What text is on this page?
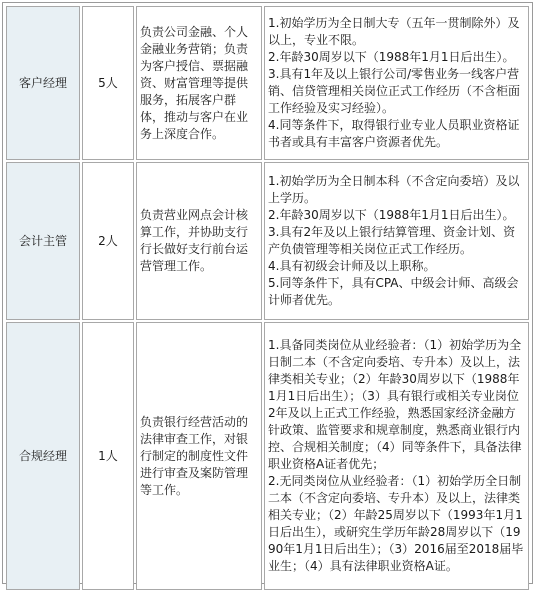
客户经理	5人	负责公司金融、个人金融业务营销；负责为客户授信、票据融资、财富管理等提供服务，拓展客户群体，推动与客户在业务上深度合作。	1.初始学历为全日制大专（五年一贯制除外）及以上，专业不限。
2.年龄30周岁以下（1988年1月1日后出生）。
3.具有1年及以上银行公司/零售业务一线客户营销、信贷管理相关岗位正式工作经历（不含柜面工作经验及实习经验）。
4.同等条件下，取得银行业专业人员职业资格证书者或具有丰富客户资源者优先。

会计主管	2人	负责营业网点会计核算工作，并协助支行行长做好支行前台运营管理工作。	1.初始学历为全日制本科（不含定向委培）及以上学历。
2.年龄30周岁以下（1988年1月1日后出生）。
3.具有2年及以上银行结算管理、资金计划、资产负债管理等相关岗位正式工作经历。
4.具有初级会计师及以上职称。
5.同等条件下，具有CPA、中级会计师、高级会计师者优先。

合规经理	1人	负责银行经营活动的法律审查工作，对银行制定的制度性文件进行审查及案防管理等工作。	1.具备同类岗位从业经验者：（1）初始学历为全日制二本（不含定向委培、专升本）及以上，法律类相关专业；（2）年龄30周岁以下（1988年1月1日后出生）；（3）具有银行或相关专业岗位2年及以上正式工作经验，熟悉国家经济金融方针政策、监管要求和规章制度，熟悉商业银行内控、合规相关制度；（4）同等条件下，具备法律职业资格A证者优先；
2.无同类岗位从业经验者：（1）初始学历全日制二本（不含定向委培、专升本）及以上，法律类相关专业；（2）年龄25周岁以下（1993年1月1日后出生），或研究生学历年龄28周岁以下（1990年1月1日后出生）；（3）2016届至2018届毕业生；（4）具有法律职业资格A证。
